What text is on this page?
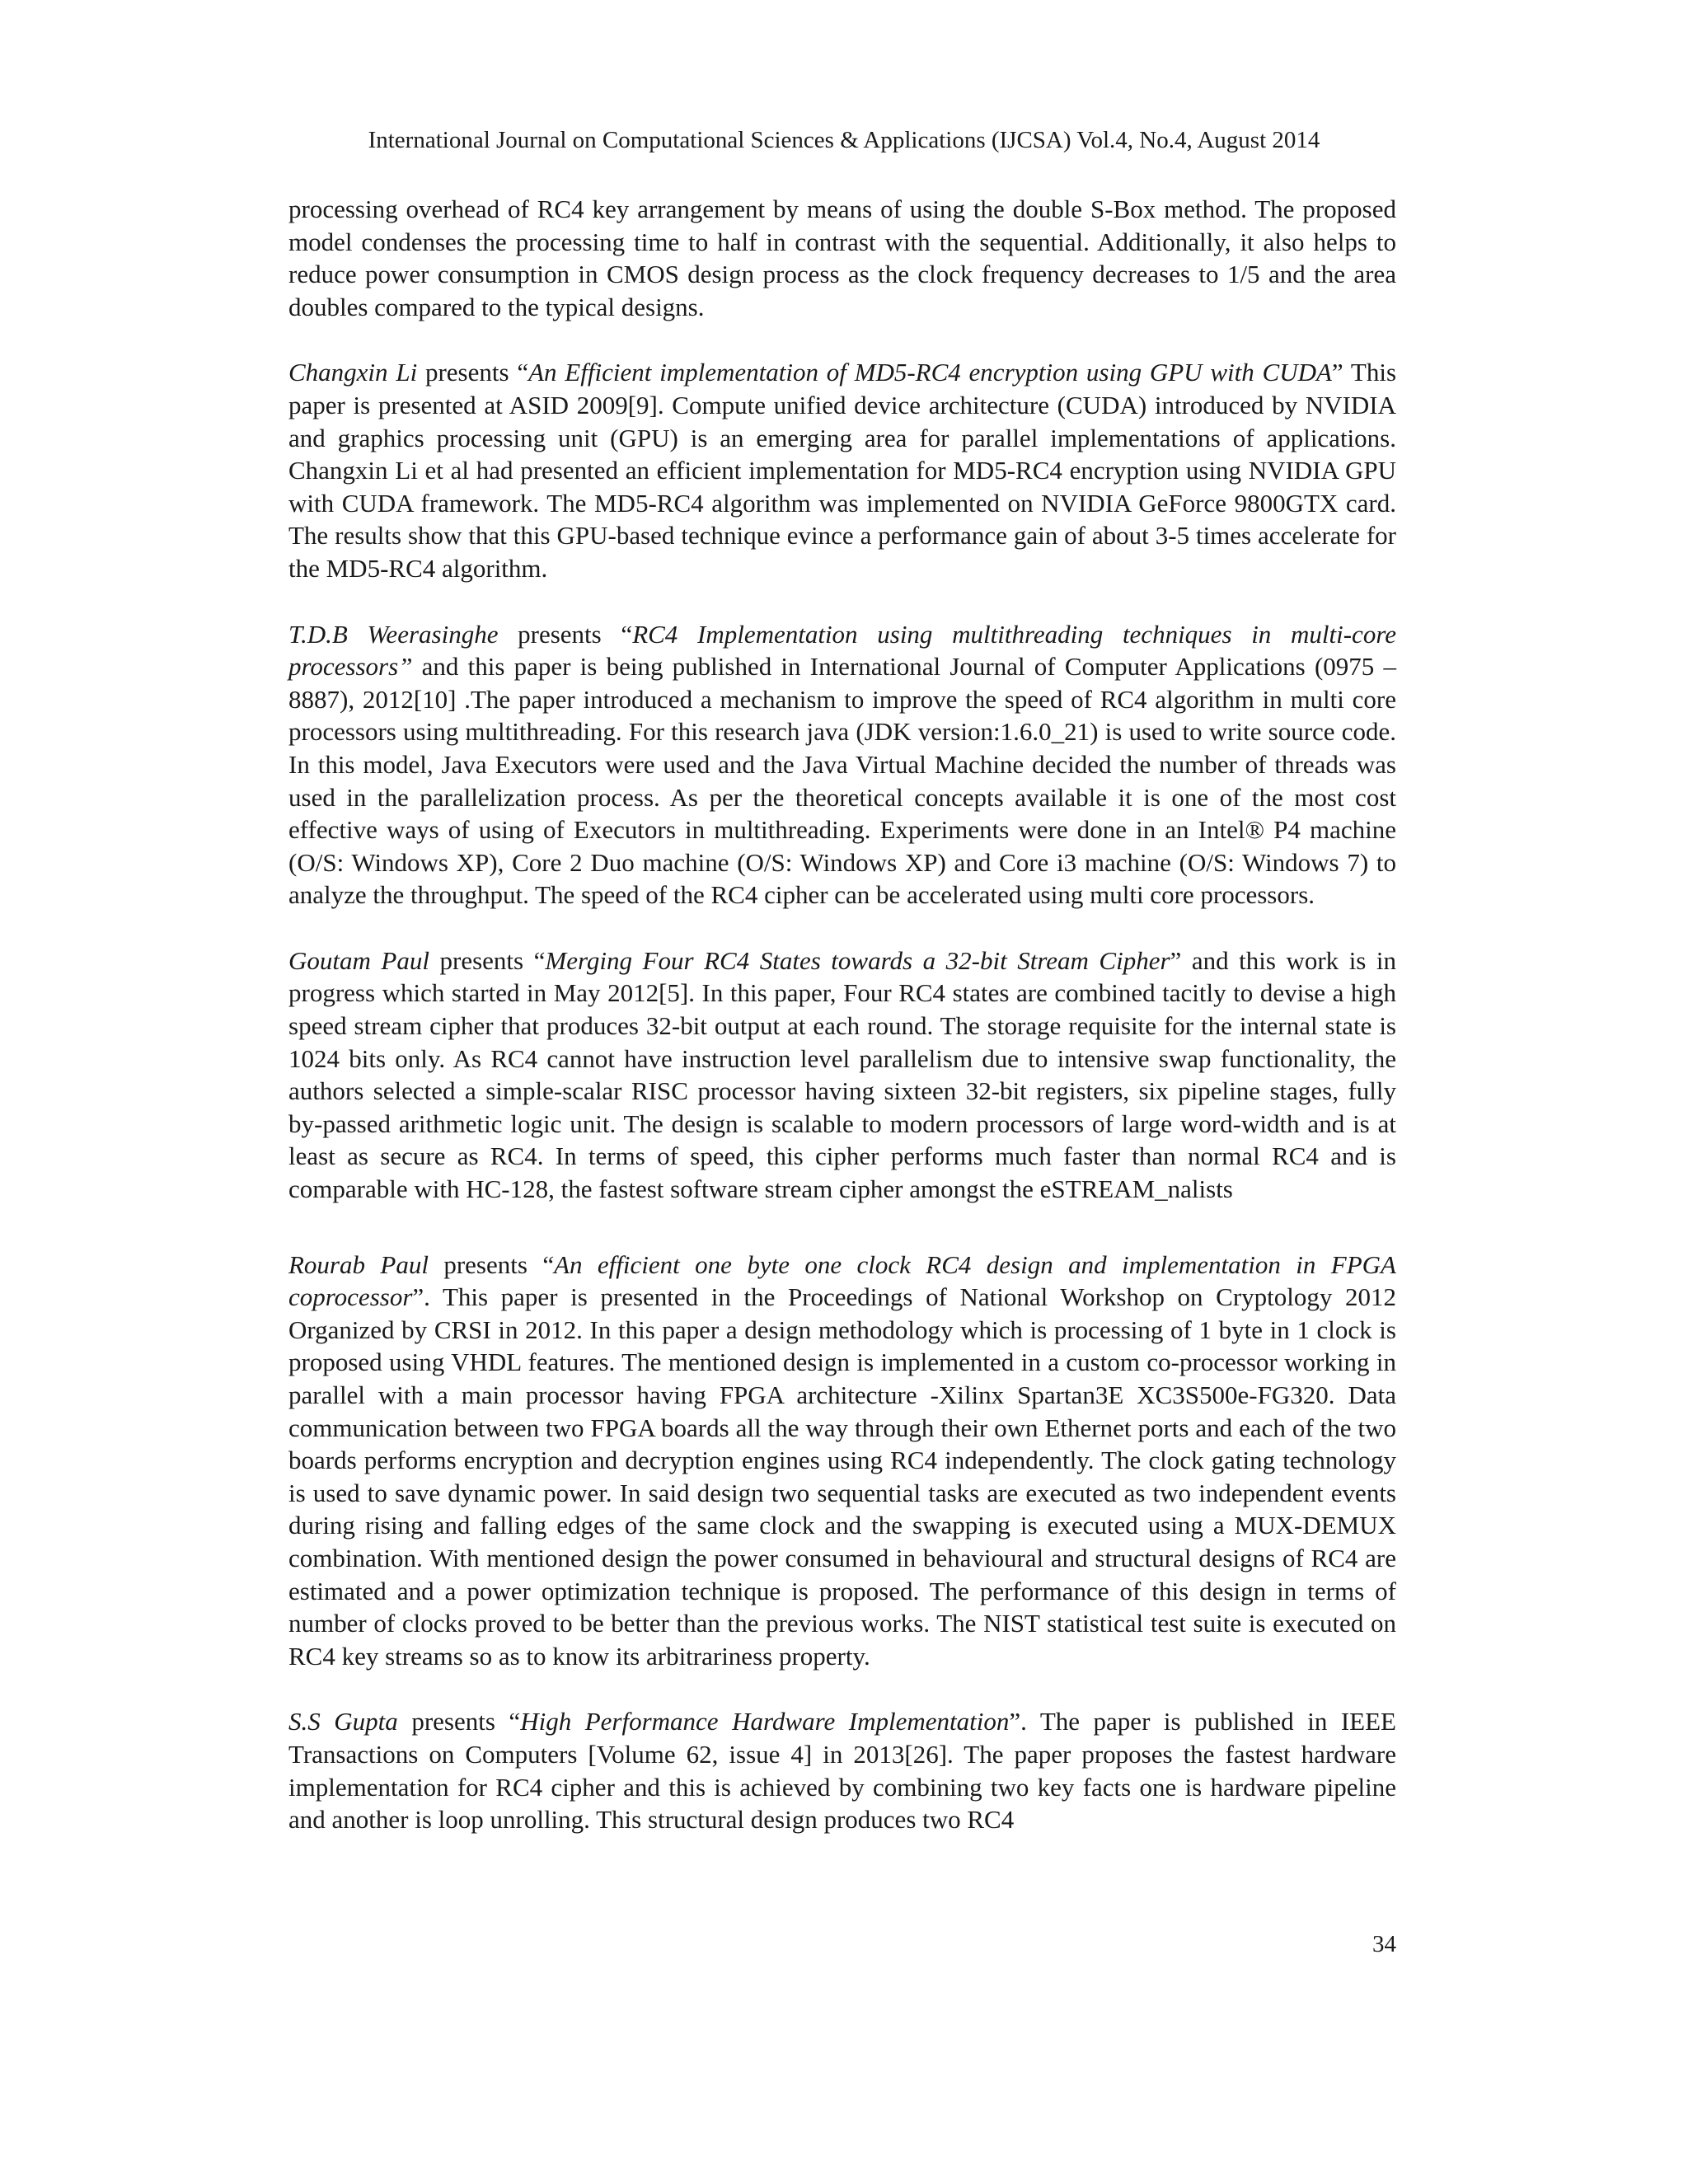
International Journal on Computational Sciences & Applications (IJCSA) Vol.4, No.4, August 2014

processing overhead of RC4 key arrangement by means of using the double S-Box method. The proposed model condenses the processing time to half in contrast with the sequential. Additionally, it also helps to reduce power consumption in CMOS design process as the clock frequency decreases to 1/5 and the area doubles compared to the typical designs.

Changxin Li presents “An Efficient implementation of MD5-RC4 encryption using GPU with CUDA” This paper is presented at ASID 2009[9]. Compute unified device architecture (CUDA) introduced by NVIDIA and graphics processing unit (GPU) is an emerging area for parallel implementations of applications. Changxin Li et al had presented an efficient implementation for MD5-RC4 encryption using NVIDIA GPU with CUDA framework. The MD5-RC4 algorithm was implemented on NVIDIA GeForce 9800GTX card. The results show that this GPU-based technique evince a performance gain of about 3-5 times accelerate for the MD5-RC4 algorithm.

T.D.B Weerasinghe presents “RC4 Implementation using multithreading techniques in multi-core processors” and this paper is being published in International Journal of Computer Applications (0975 – 8887), 2012[10] .The paper introduced a mechanism to improve the speed of RC4 algorithm in multi core processors using multithreading. For this research java (JDK version:1.6.0_21) is used to write source code. In this model, Java Executors were used and the Java Virtual Machine decided the number of threads was used in the parallelization process. As per the theoretical concepts available it is one of the most cost effective ways of using of Executors in multithreading. Experiments were done in an Intel® P4 machine (O/S: Windows XP), Core 2 Duo machine (O/S: Windows XP) and Core i3 machine (O/S: Windows 7) to analyze the throughput. The speed of the RC4 cipher can be accelerated using multi core processors.

Goutam Paul presents “Merging Four RC4 States towards a 32-bit Stream Cipher” and this work is in progress which started in May 2012[5]. In this paper, Four RC4 states are combined tacitly to devise a high speed stream cipher that produces 32-bit output at each round. The storage requisite for the internal state is 1024 bits only. As RC4 cannot have instruction level parallelism due to intensive swap functionality, the authors selected a simple-scalar RISC processor having sixteen 32-bit registers, six pipeline stages, fully by-passed arithmetic logic unit. The design is scalable to modern processors of large word-width and is at least as secure as RC4. In terms of speed, this cipher performs much faster than normal RC4 and is comparable with HC-128, the fastest software stream cipher amongst the eSTREAM_nalists

Rourab Paul presents “An efficient one byte one clock RC4 design and implementation in FPGA coprocessor”. This paper is presented in the Proceedings of National Workshop on Cryptology 2012 Organized by CRSI in 2012. In this paper a design methodology which is processing of 1 byte in 1 clock is proposed using VHDL features. The mentioned design is implemented in a custom co-processor working in parallel with a main processor having FPGA architecture -Xilinx Spartan3E XC3S500e-FG320. Data communication between two FPGA boards all the way through their own Ethernet ports and each of the two boards performs encryption and decryption engines using RC4 independently. The clock gating technology is used to save dynamic power. In said design two sequential tasks are executed as two independent events during rising and falling edges of the same clock and the swapping is executed using a MUX-DEMUX combination. With mentioned design the power consumed in behavioural and structural designs of RC4 are estimated and a power optimization technique is proposed. The performance of this design in terms of number of clocks proved to be better than the previous works. The NIST statistical test suite is executed on RC4 key streams so as to know its arbitrariness property.

S.S Gupta presents “High Performance Hardware Implementation”. The paper is published in IEEE Transactions on Computers [Volume 62, issue 4] in 2013[26]. The paper proposes the fastest hardware implementation for RC4 cipher and this is achieved by combining two key facts one is hardware pipeline and another is loop unrolling. This structural design produces two RC4

34
